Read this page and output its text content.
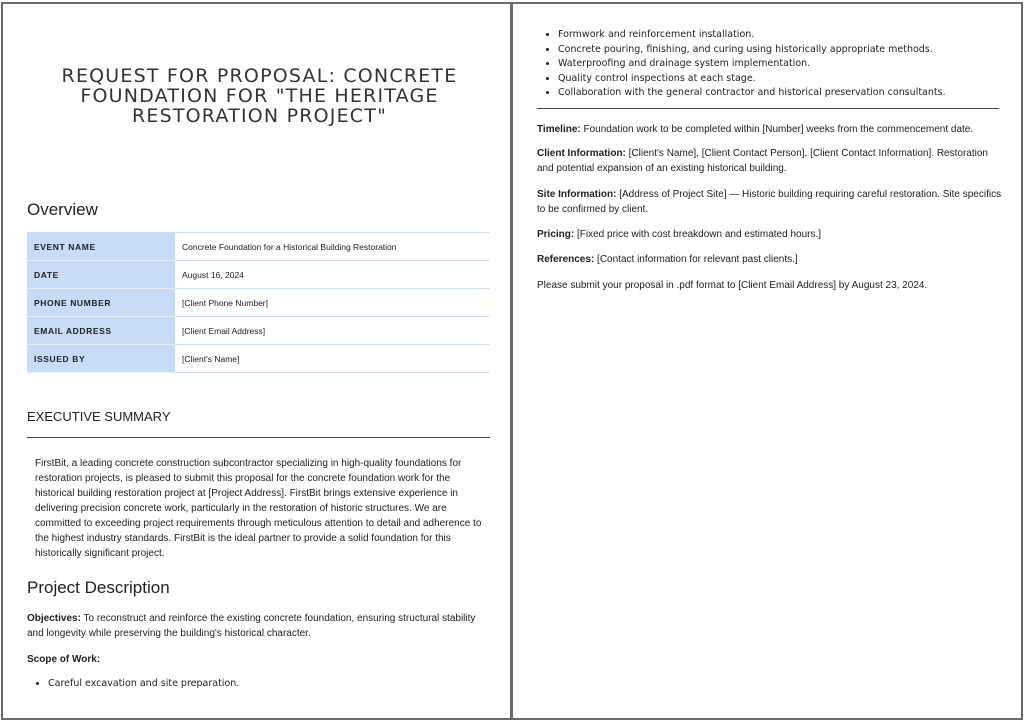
REQUEST FOR PROPOSAL: CONCRETE FOUNDATION FOR "THE HERITAGE RESTORATION PROJECT"
Overview
EVENT NAME	Concrete Foundation for a Historical Building Restoration
DATE	August 16, 2024
PHONE NUMBER	[Client Phone Number]
EMAIL ADDRESS	[Client Email Address]
ISSUED BY	[Client's Name]
EXECUTIVE SUMMARY

FirstBit, a leading concrete construction subcontractor specializing in high-quality foundations for restoration projects, is pleased to submit this proposal for the concrete foundation work for the historical building restoration project at [Project Address]. FirstBit brings extensive experience in delivering precision concrete work, particularly in the restoration of historic structures. We are committed to exceeding project requirements through meticulous attention to detail and adherence to the highest industry standards. FirstBit is the ideal partner to provide a solid foundation for this historically significant project.

Project Description

Objectives: To reconstruct and reinforce the existing concrete foundation, ensuring structural stability and longevity while preserving the building's historical character.

Scope of Work:

• Careful excavation and site preparation.
• Formwork and reinforcement installation.
• Concrete pouring, finishing, and curing using historically appropriate methods.
• Waterproofing and drainage system implementation.
• Quality control inspections at each stage.
• Collaboration with the general contractor and historical preservation consultants.

Timeline: Foundation work to be completed within [Number] weeks from the commencement date.

Client Information: [Client's Name], [Client Contact Person], [Client Contact Information]. Restoration and potential expansion of an existing historical building.

Site Information: [Address of Project Site] — Historic building requiring careful restoration. Site specifics to be confirmed by client.

Pricing: [Fixed price with cost breakdown and estimated hours.]

References: [Contact information for relevant past clients.]

Please submit your proposal in .pdf format to [Client Email Address] by August 23, 2024.
